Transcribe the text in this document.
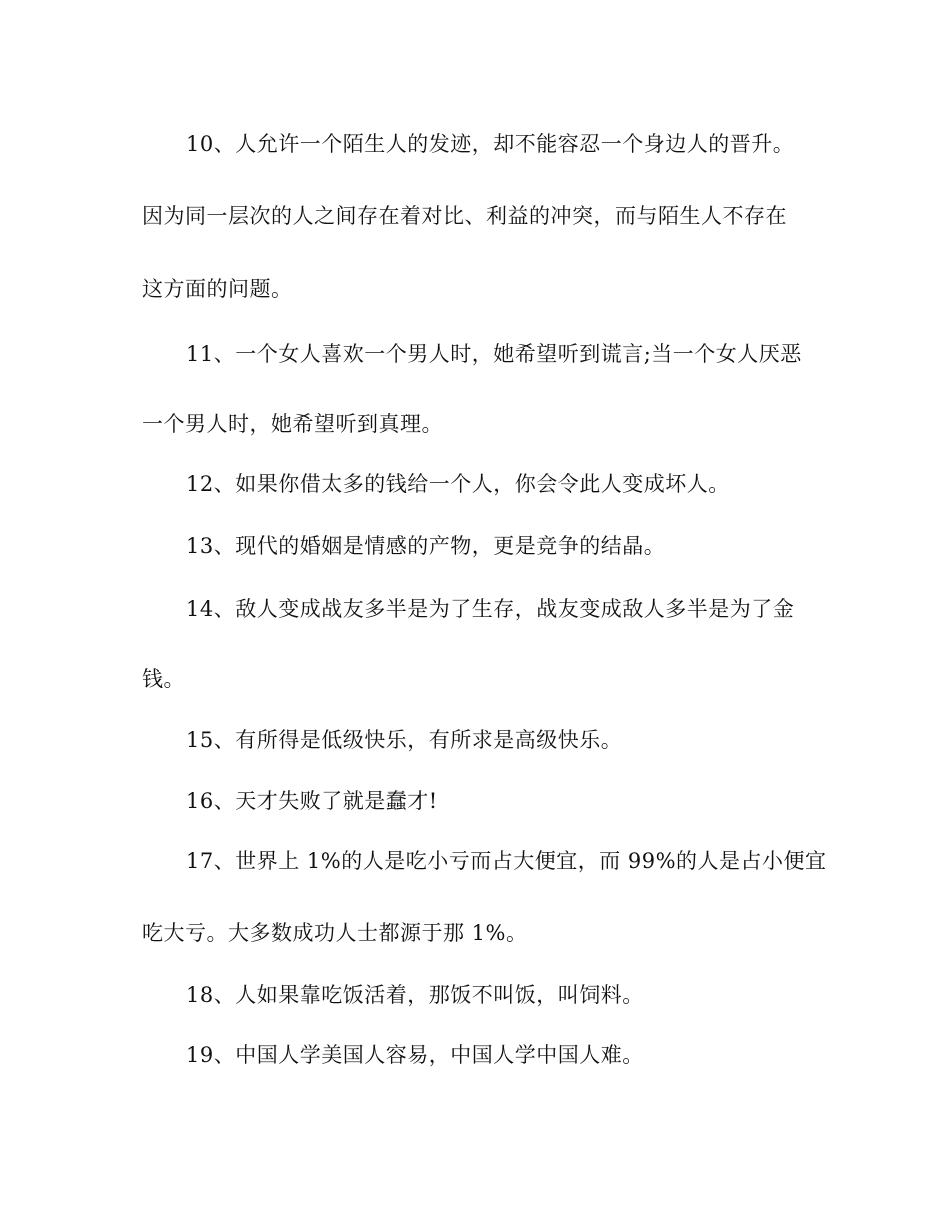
10、人允许一个陌生人的发迹，却不能容忍一个身边人的晋升。
因为同一层次的人之间存在着对比、利益的冲突，而与陌生人不存在
这方面的问题。
11、一个女人喜欢一个男人时，她希望听到谎言;当一个女人厌恶
一个男人时，她希望听到真理。
12、如果你借太多的钱给一个人，你会令此人变成坏人。
13、现代的婚姻是情感的产物，更是竞争的结晶。
14、敌人变成战友多半是为了生存，战友变成敌人多半是为了金
钱。
15、有所得是低级快乐，有所求是高级快乐。
16、天才失败了就是蠢才!
17、世界上 1%的人是吃小亏而占大便宜，而 99%的人是占小便宜
吃大亏。大多数成功人士都源于那 1%。
18、人如果靠吃饭活着，那饭不叫饭，叫饲料。
19、中国人学美国人容易，中国人学中国人难。
